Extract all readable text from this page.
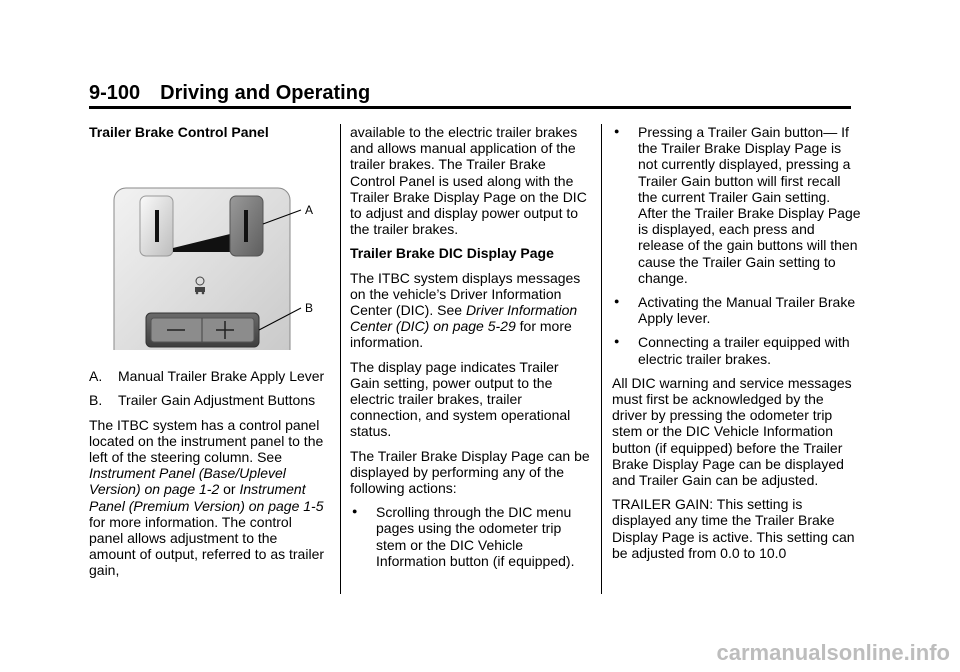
9-100 Driving and Operating

Trailer Brake Control Panel

A
B
A.	Manual Trailer Brake Apply Lever
B.	Trailer Gain Adjustment Buttons

The ITBC system has a control panel located on the instrument panel to the left of the steering column. See Instrument Panel (Base/Uplevel Version) on page 1-2 or Instrument Panel (Premium Version) on page 1-5 for more information. The control panel allows adjustment to the amount of output, referred to as trailer gain,

available to the electric trailer brakes and allows manual application of the trailer brakes. The Trailer Brake Control Panel is used along with the Trailer Brake Display Page on the DIC to adjust and display power output to the trailer brakes.

Trailer Brake DIC Display Page

The ITBC system displays messages on the vehicle’s Driver Information Center (DIC). See Driver Information Center (DIC) on page 5-29 for more information.

The display page indicates Trailer Gain setting, power output to the electric trailer brakes, trailer connection, and system operational status.

The Trailer Brake Display Page can be displayed by performing any of the following actions:

●	Scrolling through the DIC menu pages using the odometer trip stem or the DIC Vehicle Information button (if equipped).
●	Pressing a Trailer Gain button— If the Trailer Brake Display Page is not currently displayed, pressing a Trailer Gain button will first recall the current Trailer Gain setting. After the Trailer Brake Display Page is displayed, each press and release of the gain buttons will then cause the Trailer Gain setting to change.
●	Activating the Manual Trailer Brake Apply lever.
●	Connecting a trailer equipped with electric trailer brakes.

All DIC warning and service messages must first be acknowledged by the driver by pressing the odometer trip stem or the DIC Vehicle Information button (if equipped) before the Trailer Brake Display Page can be displayed and Trailer Gain can be adjusted.

TRAILER GAIN: This setting is displayed any time the Trailer Brake Display Page is active. This setting can be adjusted from 0.0 to 10.0

carmanualsonline.info
